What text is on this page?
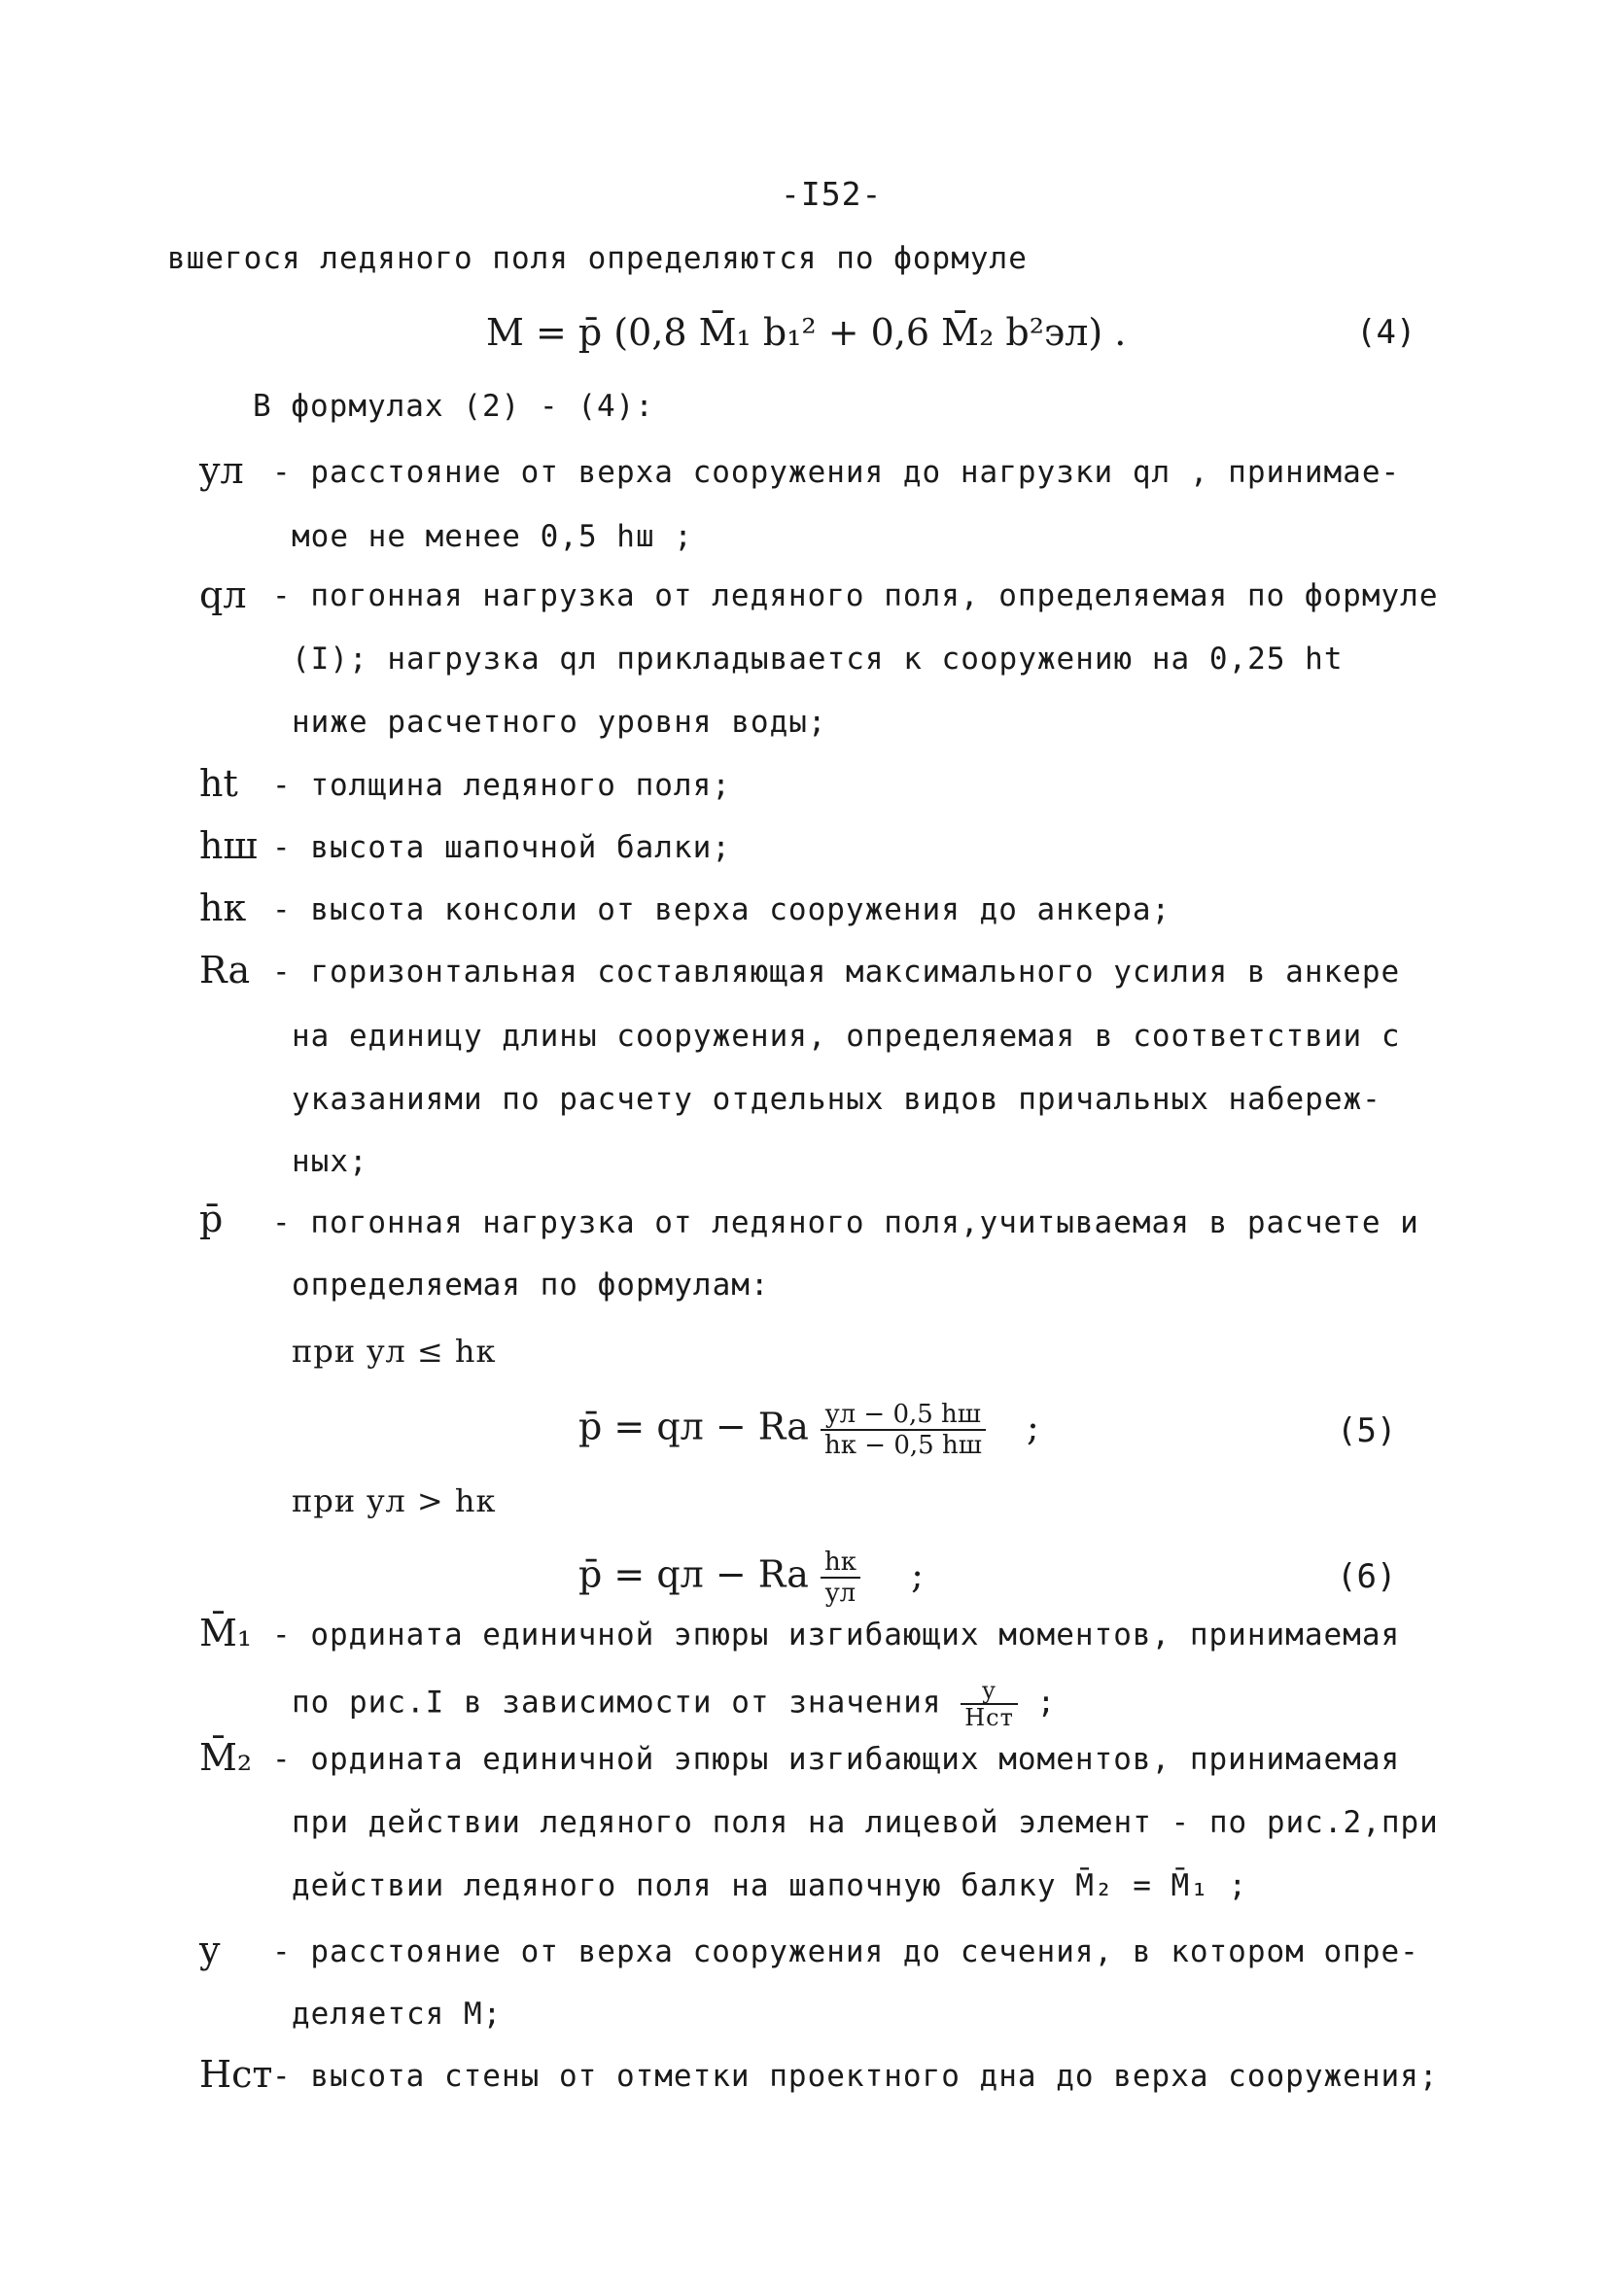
-I52-
вшегося ледяного поля определяются по формуле
M = p̄ (0,8 M̄₁ b₁² + 0,6 M̄₂ b²эл) .	(4)
В формулах (2) - (4):
yл - расстояние от верха сооружения до нагрузки qл , принимае-
мое не менее 0,5 hш ;
qл - погонная нагрузка от ледяного поля, определяемая по формуле
(I); нагрузка qл прикладывается к сооружению на 0,25 ht
ниже расчетного уровня воды;
ht - толщина ледяного поля;
hш - высота шапочной балки;
hк - высота консоли от верха сооружения до анкера;
Ra - горизонтальная составляющая максимального усилия в анкере
на единицу длины сооружения, определяемая в соответствии с
указаниями по расчету отдельных видов причальных набереж-
ных;
p̄ - погонная нагрузка от ледяного поля,учитываемая в расчете и
определяемая по формулам:
при yл ≤ hк
p̄ = qл − Ra $\frac{yл - 0,5 hш}{hк - 0,5 hш}$ ;	(5)
при yл > hк
p̄ = qл − Ra $\frac{hк}{yл}$ ;	(6)
M̄₁ - ордината единичной эпюры изгибающих моментов, принимаемая
по рис.I в зависимости от значения $\frac{y}{\text{Hст}}$ ;
M̄₂ - ордината единичной эпюры изгибающих моментов, принимаемая
при действии ледяного поля на лицевой элемент - по рис.2,при
действии ледяного поля на шапочную балку M̄₂ = M̄₁ ;
y - расстояние от верха сооружения до сечения, в котором опре-
деляется M;
Hст - высота стены от отметки проектного дна до верха сооружения;
